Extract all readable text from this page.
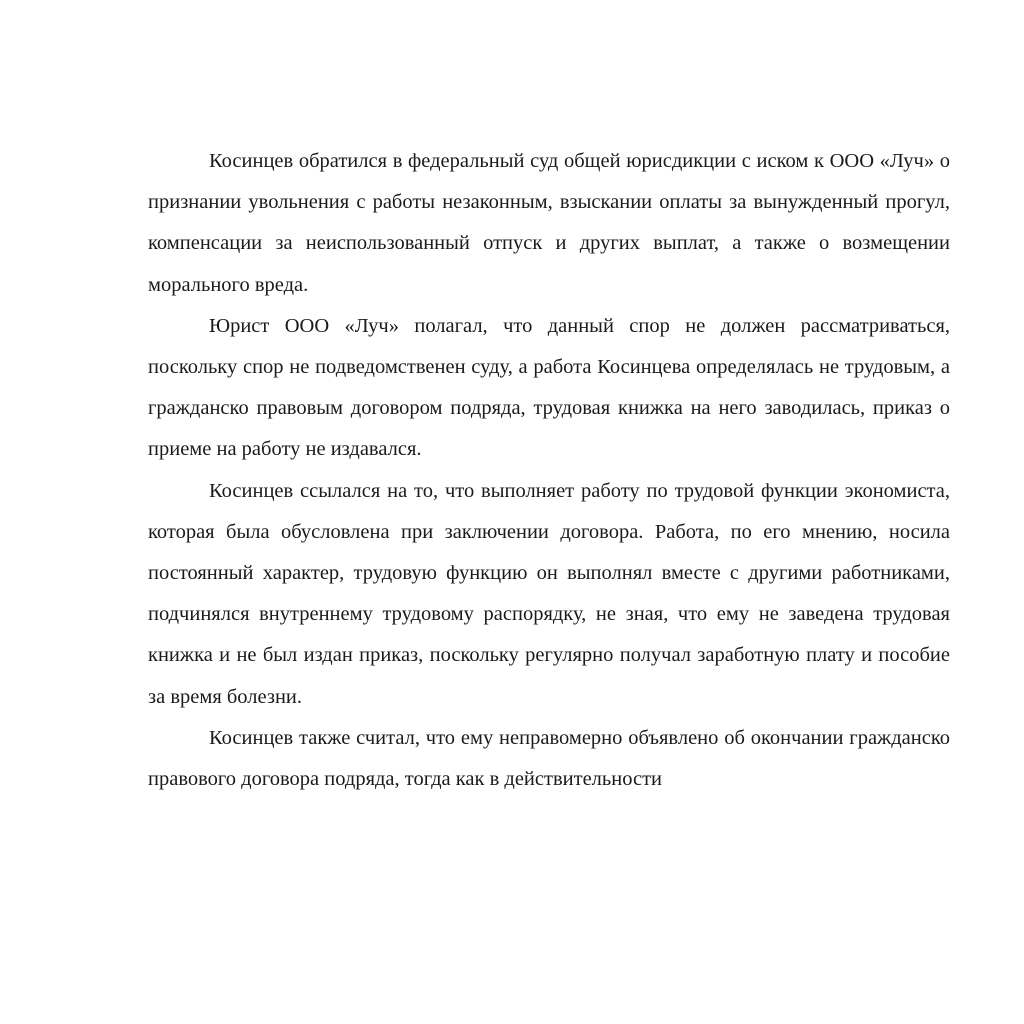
Косинцев обратился в федеральный суд общей юрисдикции с иском к ООО «Луч» о признании увольнения с работы незаконным, взыскании оплаты за вынужденный прогул, компенсации за неиспользованный отпуск и других выплат, а также о возмещении морального вреда.

Юрист ООО «Луч» полагал, что данный спор не должен рассматриваться, поскольку спор не подведомственен суду, а работа Косинцева определялась не трудовым, а гражданско правовым договором подряда, трудовая книжка на него заводилась, приказ о приеме на работу не издавался.

Косинцев ссылался на то, что выполняет работу по трудовой функции экономиста, которая была обусловлена при заключении договора. Работа, по его мнению, носила постоянный характер, трудовую функцию он выполнял вместе с другими работниками, подчинялся внутреннему трудовому распорядку, не зная, что ему не заведена трудовая книжка и не был издан приказ, поскольку регулярно получал заработную плату и пособие за время болезни.

Косинцев также считал, что ему неправомерно объявлено об окончании гражданско правового договора подряда, тогда как в действительности
